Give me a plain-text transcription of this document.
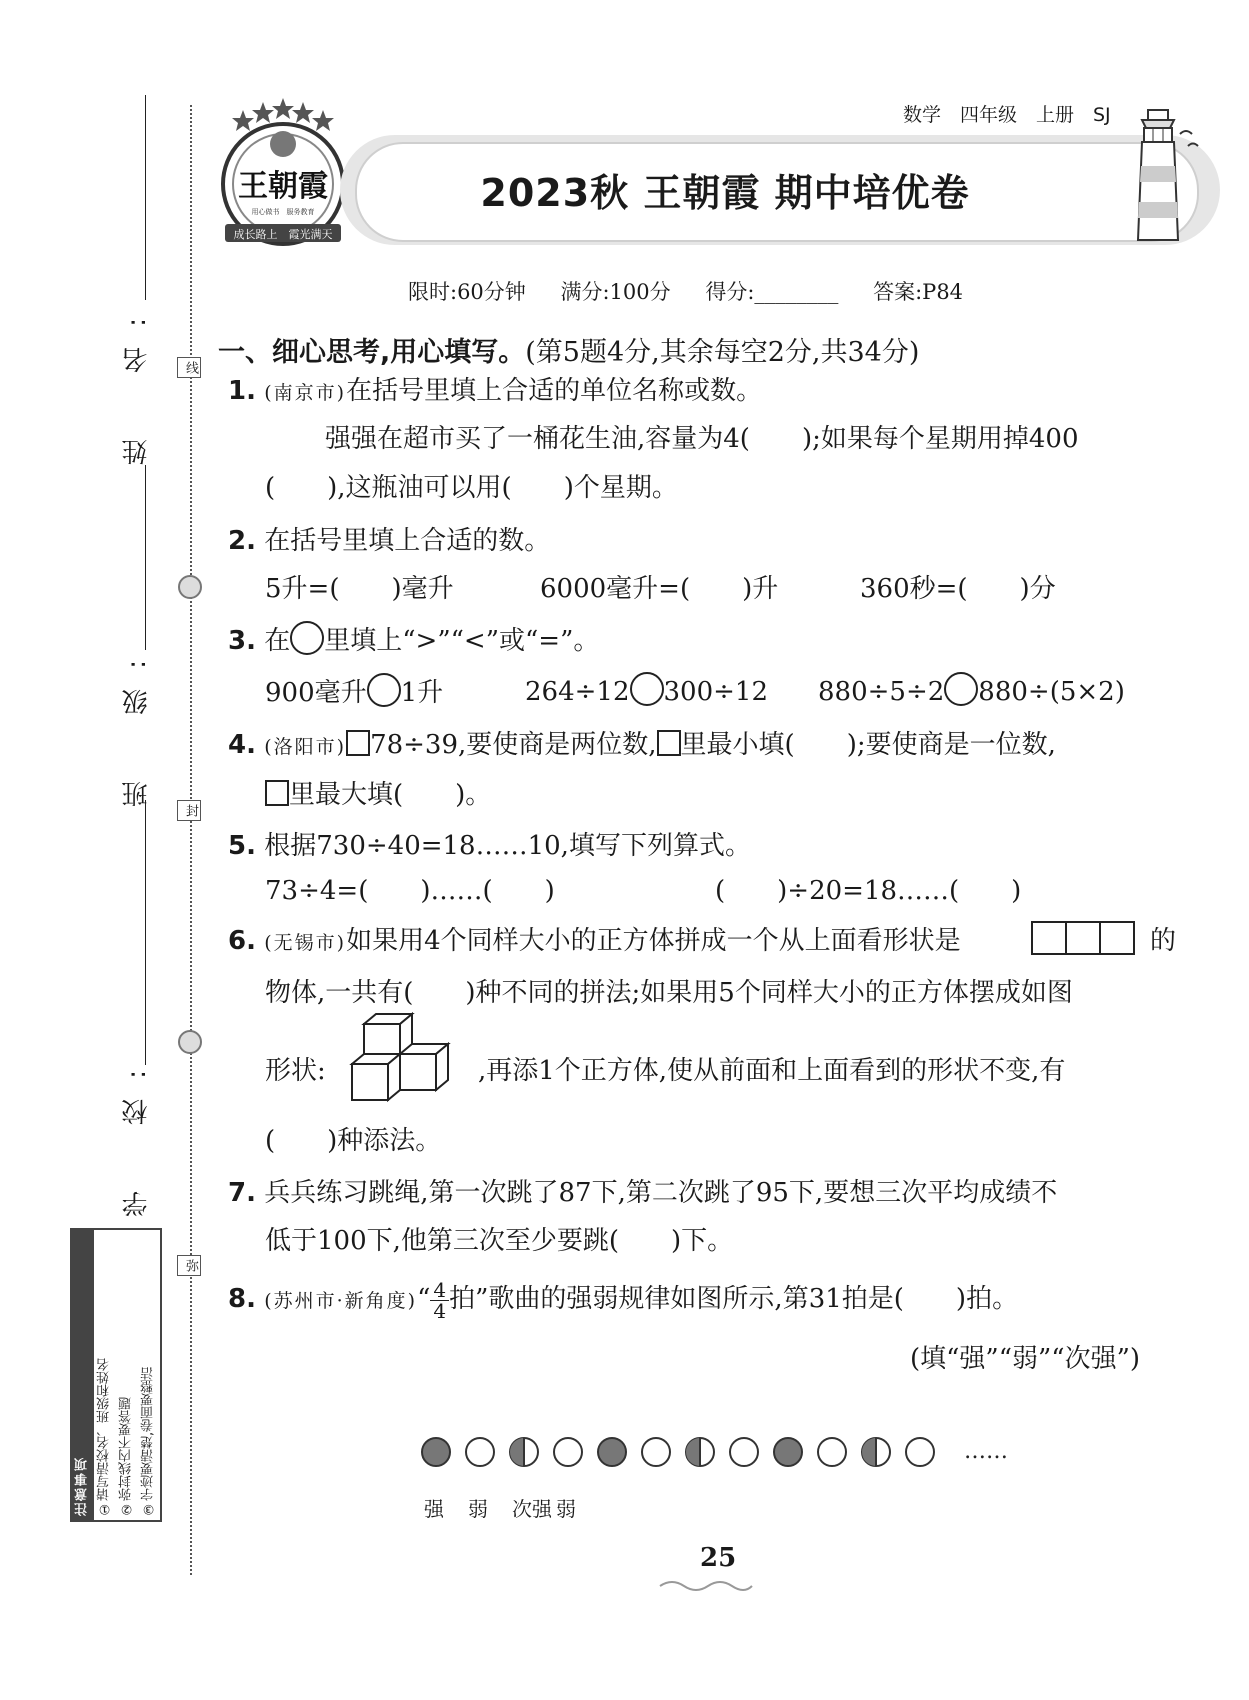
姓　名:
班　级:
学　校:
线
封
弥
注意事项 ①请写清校名、班级和姓名 ②弥封线内不要答题 ③字迹要清楚,卷面要整洁
王朝霞
用心做书　服务教育
成长路上　霞光满天
数学　四年级　上册　SJ
2023秋 王朝霞 期中培优卷
限时:60分钟 满分:100分 得分:________ 答案:P84
一、细心思考,用心填写。(第5题4分,其余每空2分,共34分)
1. (南京市)在括号里填上合适的单位名称或数。
强强在超市买了一桶花生油,容量为4(　　);如果每个星期用掉400
(　　),这瓶油可以用(　　)个星期。
2. 在括号里填上合适的数。
5升=(　　)毫升	6000毫升=(　　)升	360秒=(　　)分
3. 在 里填上“>”“<”或“=”。
900毫升 1升	264÷12 300÷12 880÷5÷2 880÷(5×2)
4. (洛阳市) 78÷39,要使商是两位数, 里最小填(　　);要使商是一位数,
里最大填(　　)。
5. 根据730÷40=18……10,填写下列算式。
73÷4=(　　)……(　　)	(　　)÷20=18……(　　)
6. (无锡市)如果用4个同样大小的正方体拼成一个从上面看形状是	的
物体,一共有(　　)种不同的拼法;如果用5个同样大小的正方体摆成如图
形状:	,再添1个正方体,使从前面和上面看到的形状不变,有
(　　)种添法。
7. 兵兵练习跳绳,第一次跳了87下,第二次跳了95下,要想三次平均成绩不
低于100下,他第三次至少要跳(　　)下。
8. (苏州市·新角度)“ $\frac{4}{4}$ 拍”歌曲的强弱规律如图所示,第31拍是(　　)拍。
(填“强”“弱”“次强”)
……
强 弱 次强 弱
25
